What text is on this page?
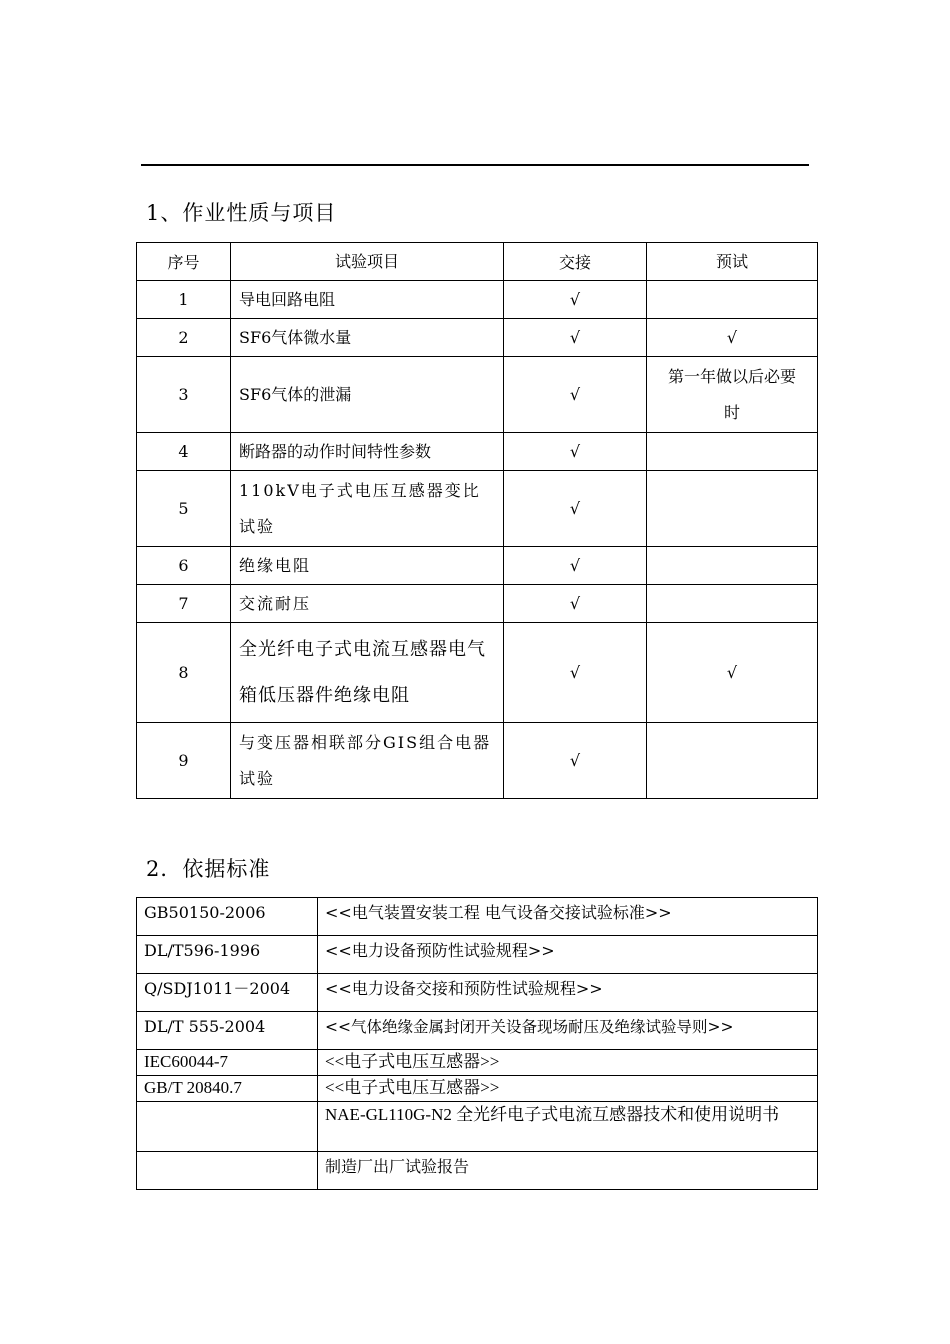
1、作业性质与项目
序号	试验项目	交接	预试
1	导电回路电阻	√	
2	SF6气体微水量	√	√
3	SF6气体的泄漏	√	第一年做以后必要时
4	断路器的动作时间特性参数	√	
5	110kV电子式电压互感器变比试验	√	
6	绝缘电阻	√	
7	交流耐压	√	
8	全光纤电子式电流互感器电气箱低压器件绝缘电阻	√	√
9	与变压器相联部分GIS组合电器试验	√	
2．依据标准
GB50150-2006	<<电气装置安装工程 电气设备交接试验标准>>
DL/T596-1996	<<电力设备预防性试验规程>>
Q/SDJ1011－2004	<<电力设备交接和预防性试验规程>>
DL/T 555-2004	<<气体绝缘金属封闭开关设备现场耐压及绝缘试验导则>>
IEC60044-7	<<电子式电压互感器>>
GB/T 20840.7	<<电子式电压互感器>>
	NAE-GL110G-N2 全光纤电子式电流互感器技术和使用说明书
	制造厂出厂试验报告
